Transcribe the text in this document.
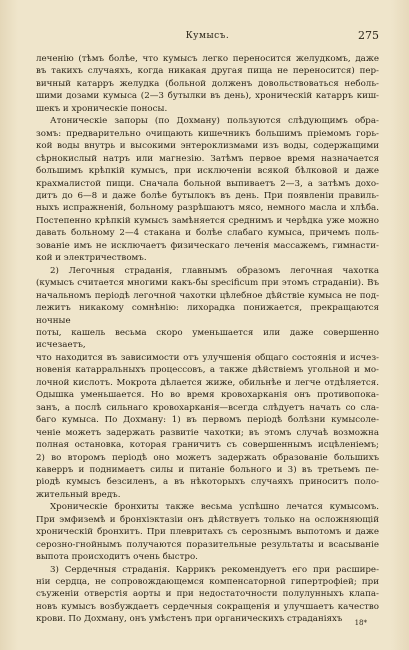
Кумысъ.	275

леченію (тѣмъ болѣе, что кумысъ легко переносится желудкомъ, даже

въ такихъ случаяхъ, когда никакая другая пища не переносится) пер-

вичный катарръ желудка (больной долженъ довольствоваться неболь-

шими дозами кумыса (2—3 бутылки въ день), хроническій катарръ киш-

шекъ и хроническіе поносы.

Атоническіе запоры (по Дохману) пользуются слѣдующимъ обра-

зомъ: предварительно очищають кишечникъ большимъ пріемомъ горь-

кой воды внутрь и высокими энтероклизмами изъ воды, содержащими

сѣрнокислый натръ или магнезію. Затѣмъ первое время назначается

большимъ крѣпкій кумысъ, при исключеніи всякой бѣлковой и даже

крахмалистой пищи. Сначала больной выпиваетъ 2—3, а затѣмъ дохо-

дитъ до 6—8 и даже болѣе бутылокъ въ день. При появленіи правиль-

ныхъ испражненій, больному разрѣшаютъ мясо, немного масла и хлѣба.

Постепенно крѣпкій кумысъ замѣняется среднимъ и черѣдка уже можно

давать больному 2—4 стакана и болѣе слабаго кумыса, причемъ поль-

зованіе имъ не исключаетъ физическаго леченія массажемъ, гимнасти-

кой и электричествомъ.

2) Легочныя страданія, главнымъ образомъ легочная чахотка

(кумысъ считается многими какъ-бы specificum при этомъ страданіи). Въ

начальномъ періодѣ легочной чахотки цѣлебное дѣйствіе кумыса не под-

лежитъ никакому сомнѣнію: лихорадка понижается, прекращаются ночные

поты, кашель весьма скоро уменьшается или даже совершенно исчезаетъ,

что находится въ зависимости отъ улучшенія общаго состоянія и исчез-

новенія катарральныхъ процессовъ, а также дѣйствіемъ угольной и мо-

лочной кислотъ. Мокрота дѣлается жиже, обильнѣе и легче отдѣляется.

Одышка уменьшается. Но во время кровохарканія онъ противопока-

занъ, а послѣ сильнаго кровохарканія—всегда слѣдуетъ начать со сла-

баго кумыса. По Дохману: 1) въ первомъ періодѣ болѣзни кумысоле-

ченіе можетъ задержать развитіе чахотки; въ этомъ случаѣ возможна

полная остановка, которая граничитъ съ совершеннымъ исцѣленіемъ;

2) во второмъ періодѣ оно можетъ задержать образованіе большихъ

каверръ и поднимаетъ силы и питаніе больного и 3) въ третьемъ пе-

ріодѣ кумысъ безсиленъ, а въ нѣкоторыхъ случаяхъ приноситъ поло-

жительный вредъ.

Хроническіе бронхиты также весьма успѣшно лечатся кумысомъ.

При эмфиземѣ и бронхіэктазіи онъ дѣйствуетъ только на осложняющій

хроническій бронхитъ. При плевритахъ съ серознымъ выпотомъ и даже

серозно-гнойнымъ получаются поразительные результаты и всасываніе

выпота происходитъ очень быстро.

3) Сердечныя страданія. Каррикъ рекомендуетъ его при расшире-

ніи сердца, не сопровождающемся компенсаторной гипертрофіей; при

съуженіи отверстія аорты и при недостаточности полулунныхъ клапа-

новъ кумысъ возбуждаетъ сердечныя сокращенія и улучшаетъ качество

крови. По Дохману, онъ умѣстенъ при органическихъ страданіяхъ	18*
